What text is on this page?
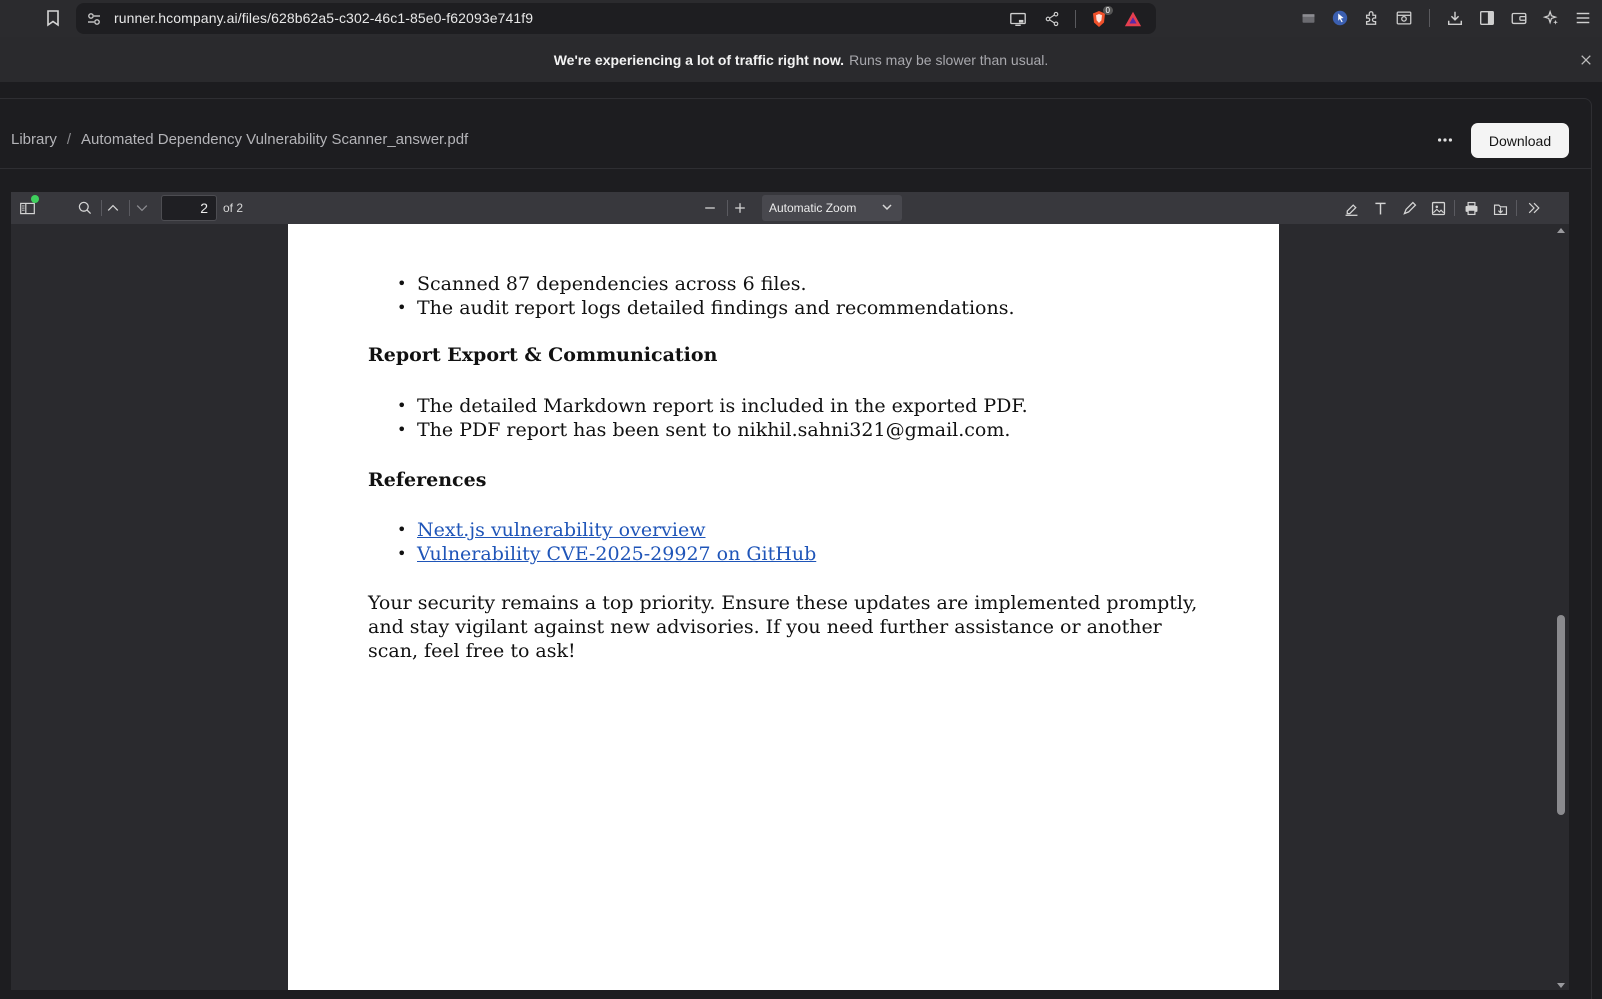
runner.hcompany.ai/files/628b62a5-c302-46c1-85e0-f62093e741f9	0
We're experiencing a lot of traffic right now. Runs may be slower than usual.
Library / Automated Dependency Vulnerability Scanner_answer.pdf	Download
2
of 2	Automatic Zoom
• Scanned 87 dependencies across 6 files.
• The audit report logs detailed findings and recommendations.
Report Export & Communication
• The detailed Markdown report is included in the exported PDF.
• The PDF report has been sent to nikhil.sahni321@gmail.com.
References
• Next.js vulnerability overview
• Vulnerability CVE-2025-29927 on GitHub

Your security remains a top priority. Ensure these updates are implemented promptly, and stay vigilant against new advisories. If you need further assistance or another scan, feel free to ask!
